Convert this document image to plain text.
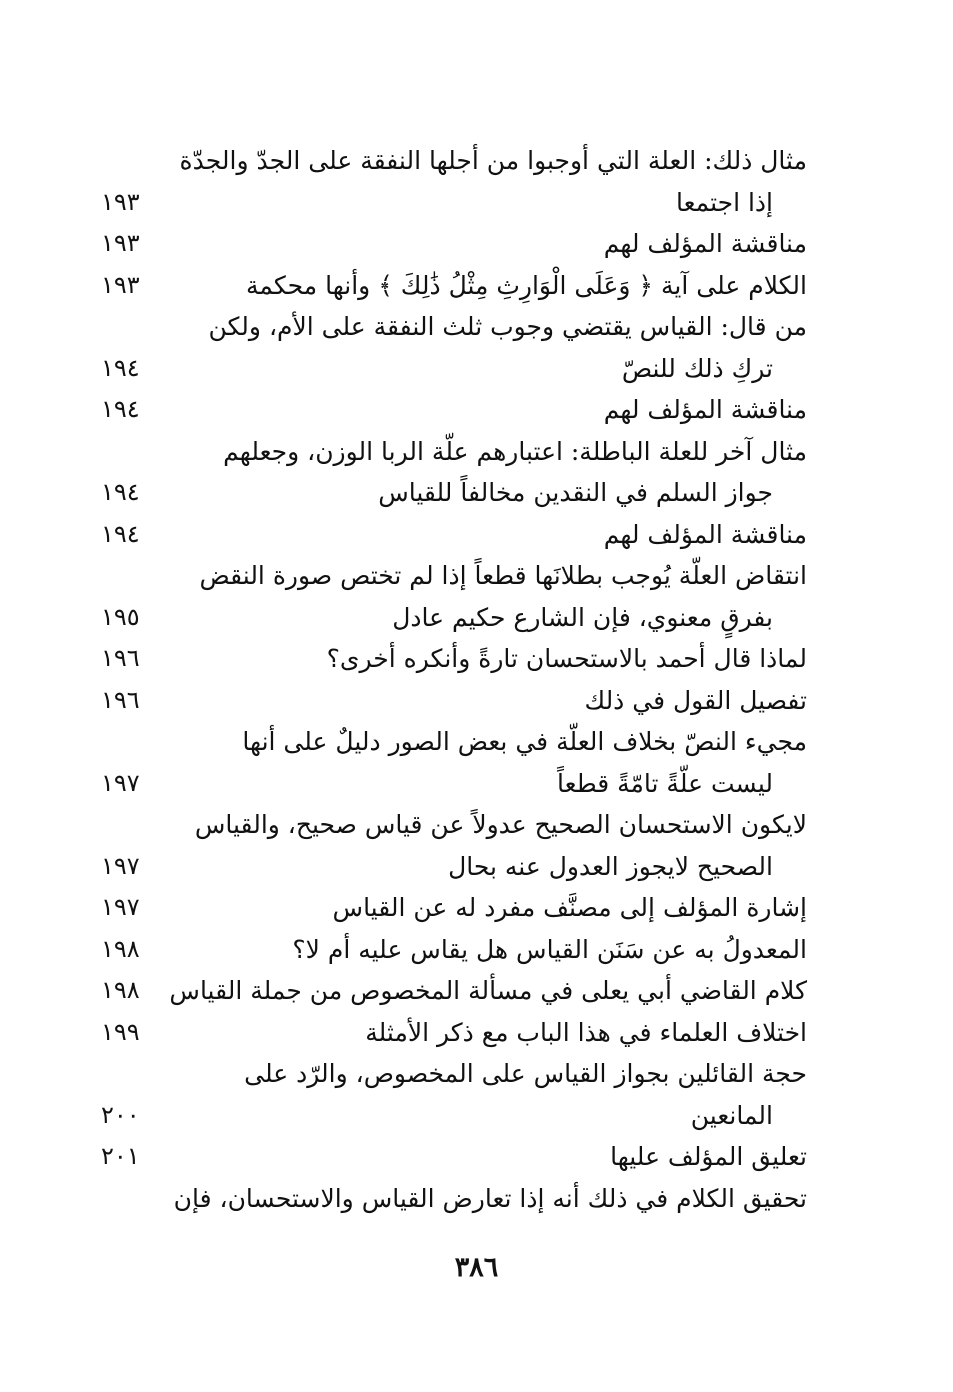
مثال ذلك: العلة التي أوجبوا من أجلها النفقة على الجدّ والجدّة
إذا اجتمعا
١٩٣
مناقشة المؤلف لهم
١٩٣
الكلام على آية ﴿ وَعَلَى الْوَارِثِ مِثْلُ ذَٰلِكَ ﴾ وأنها محكمة
١٩٣
من قال: القياس يقتضي وجوب ثلث النفقة على الأم، ولكن
تركِ ذلك للنصّ
١٩٤
مناقشة المؤلف لهم
١٩٤
مثال آخر للعلة الباطلة: اعتبارهم علّة الربا الوزن، وجعلهم
جواز السلم في النقدين مخالفاً للقياس
١٩٤
مناقشة المؤلف لهم
١٩٤
انتقاض العلّة يُوجب بطلانَها قطعاً إذا لم تختص صورة النقض
بفرقٍ معنوي، فإن الشارع حكيم عادل
١٩٥
لماذا قال أحمد بالاستحسان تارةً وأنكره أخرى؟
١٩٦
تفصيل القول في ذلك
١٩٦
مجيء النصّ بخلاف العلّة في بعض الصور دليلٌ على أنها
ليست علّةً تامّةً قطعاً
١٩٧
لايكون الاستحسان الصحيح عدولاً عن قياس صحيح، والقياس
الصحيح لايجوز العدول عنه بحال
١٩٧
إشارة المؤلف إلى مصنَّف مفرد له عن القياس
١٩٧
المعدولُ به عن سَنَن القياس هل يقاس عليه أم لا؟
١٩٨
كلام القاضي أبي يعلى في مسألة المخصوص من جملة القياس
١٩٨
اختلاف العلماء في هذا الباب مع ذكر الأمثلة
١٩٩
حجة القائلين بجواز القياس على المخصوص، والرّد على
المانعين
٢٠٠
تعليق المؤلف عليها
٢٠١
تحقيق الكلام في ذلك أنه إذا تعارض القياس والاستحسان، فإن
٣٨٦
